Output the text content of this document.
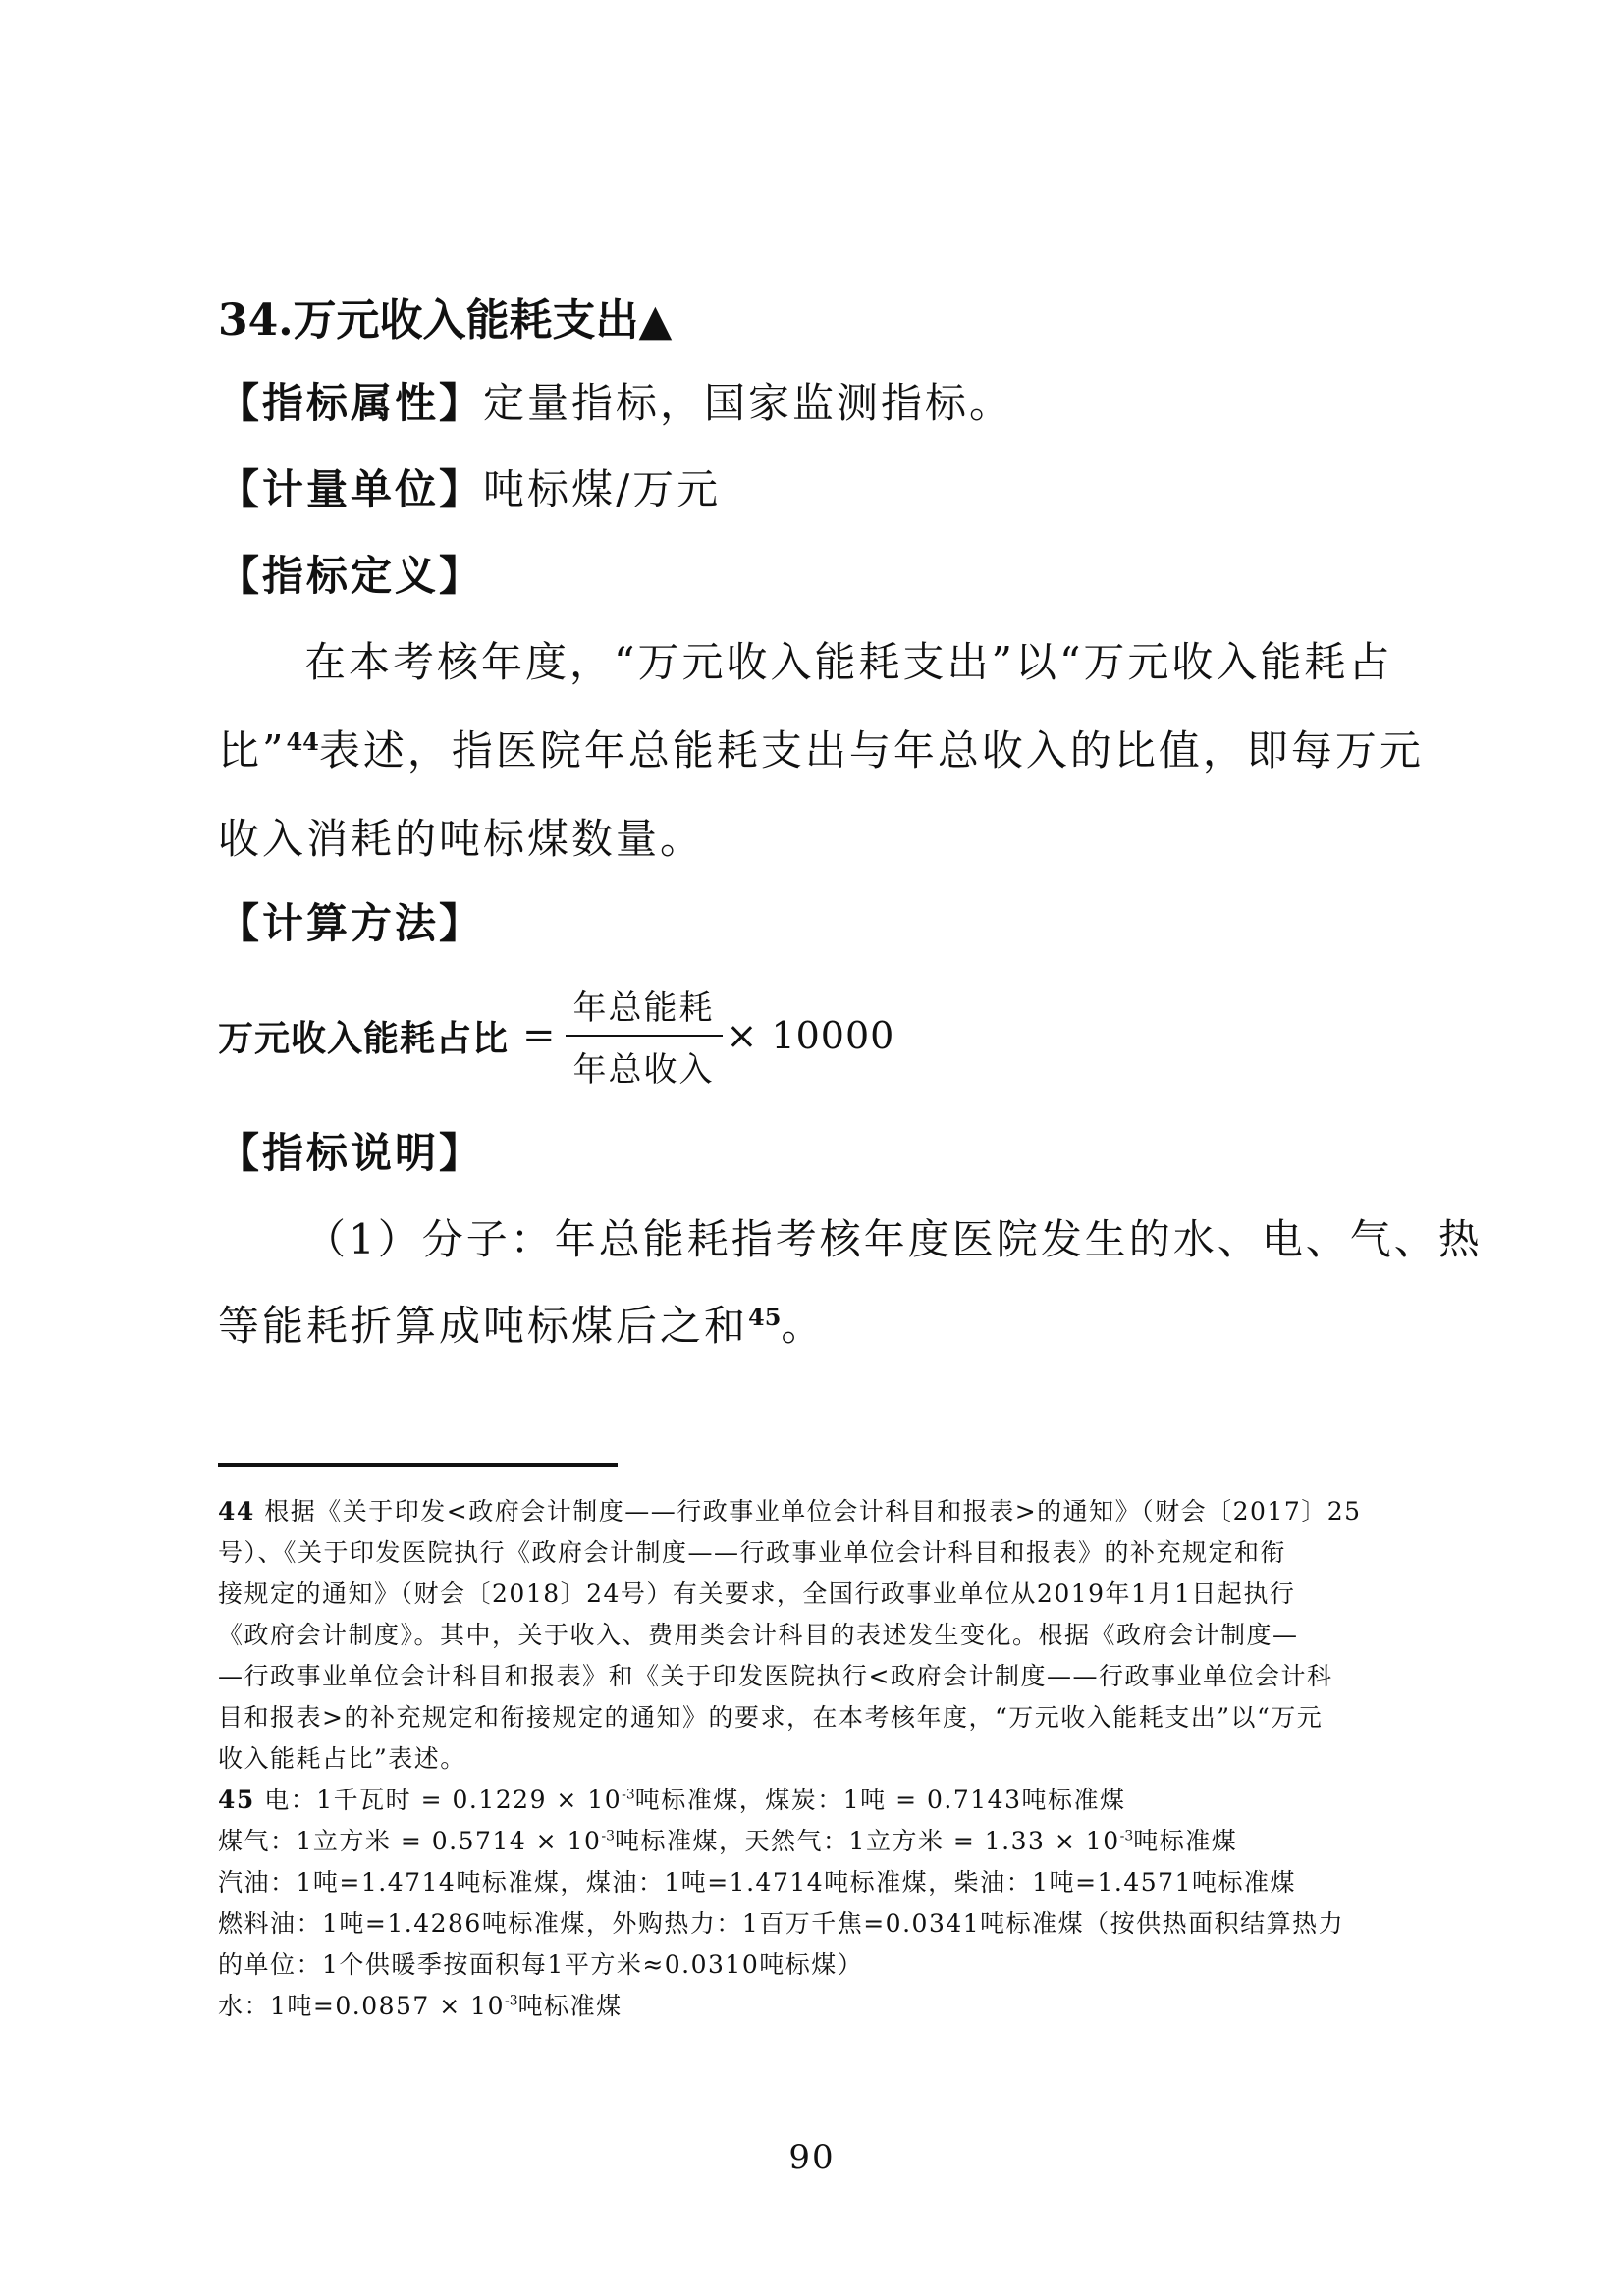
34.万元收入能耗支出▲
【指标属性】定量指标，国家监测指标。
【计量单位】吨标煤/万元
【指标定义】
在本考核年度，“万元收入能耗支出”以“万元收入能耗占
比”$^{44}$表述，指医院年总能耗支出与年总收入的比值，即每万元
收入消耗的吨标煤数量。
【计算方法】
万元收入能耗占比 = $\frac{\text{年总能耗}}{\text{年总收入}} \times 10000$
【指标说明】
（1）分子：年总能耗指考核年度医院发生的水、电、气、热
等能耗折算成吨标煤后之和$^{45}$。
44 根据《关于印发<政府会计制度——行政事业单位会计科目和报表>的通知》（财会〔2017〕25
号）、《关于印发医院执行《政府会计制度——行政事业单位会计科目和报表》的补充规定和衔
接规定的通知》（财会〔2018〕24号）有关要求，全国行政事业单位从2019年1月1日起执行
《政府会计制度》。其中，关于收入、费用类会计科目的表述发生变化。根据《政府会计制度—
—行政事业单位会计科目和报表》和《关于印发医院执行<政府会计制度——行政事业单位会计科
目和报表>的补充规定和衔接规定的通知》的要求，在本考核年度，“万元收入能耗支出”以“万元
收入能耗占比”表述。
45 电：1千瓦时 = $0.1229 \times 10^{-3}$吨标准煤，煤炭：1吨 = 0.7143吨标准煤
煤气：1立方米 = $0.5714 \times 10^{-3}$吨标准煤，天然气：1立方米 = $1.33 \times 10^{-3}$吨标准煤
汽油：1吨=1.4714吨标准煤，煤油：1吨=1.4714吨标准煤，柴油：1吨=1.4571吨标准煤
燃料油：1吨=1.4286吨标准煤，外购热力：1百万千焦=0.0341吨标准煤（按供热面积结算热力
的单位：1个供暖季按面积每1平方米≈0.0310吨标煤）
水：1吨$=0.0857 \times 10^{-3}$吨标准煤
90
